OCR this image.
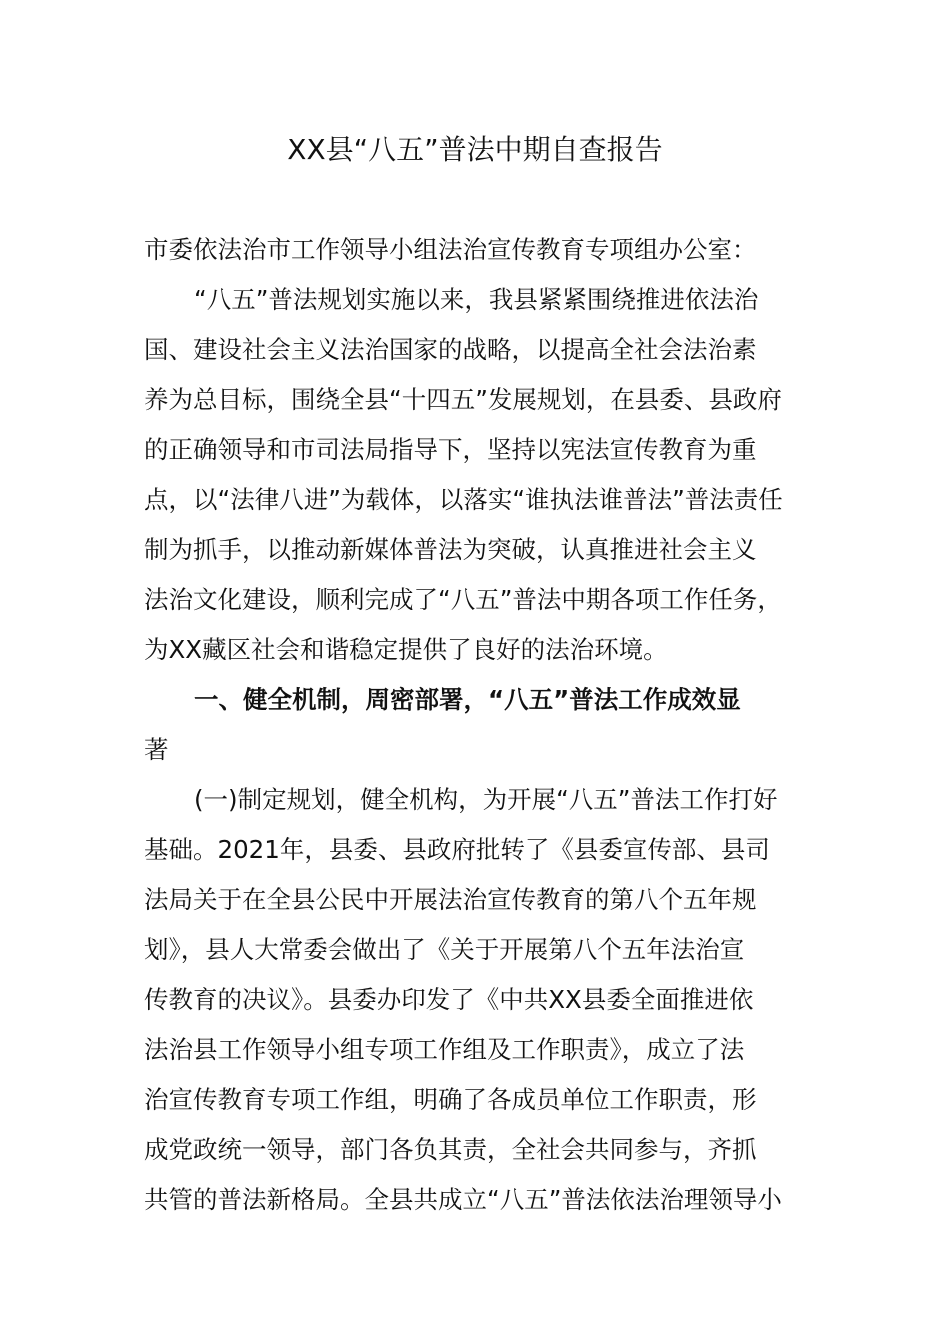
XX县“八五”普法中期自查报告
市委依法治市工作领导小组法治宣传教育专项组办公室：
“八五”普法规划实施以来，我县紧紧围绕推进依法治
国、建设社会主义法治国家的战略，以提高全社会法治素
养为总目标，围绕全县“十四五”发展规划，在县委、县政府
的正确领导和市司法局指导下，坚持以宪法宣传教育为重
点，以“法律八进”为载体，以落实“谁执法谁普法”普法责任
制为抓手，以推动新媒体普法为突破，认真推进社会主义
法治文化建设，顺利完成了“八五”普法中期各项工作任务，
为XX藏区社会和谐稳定提供了良好的法治环境。
一、健全机制，周密部署，“八五”普法工作成效显
著
(一)制定规划，健全机构，为开展“八五”普法工作打好
基础。2021年，县委、县政府批转了《县委宣传部、县司
法局关于在全县公民中开展法治宣传教育的第八个五年规
划》，县人大常委会做出了《关于开展第八个五年法治宣
传教育的决议》。县委办印发了《中共XX县委全面推进依
法治县工作领导小组专项工作组及工作职责》，成立了法
治宣传教育专项工作组，明确了各成员单位工作职责，形
成党政统一领导，部门各负其责，全社会共同参与，齐抓
共管的普法新格局。全县共成立“八五”普法依法治理领导小
